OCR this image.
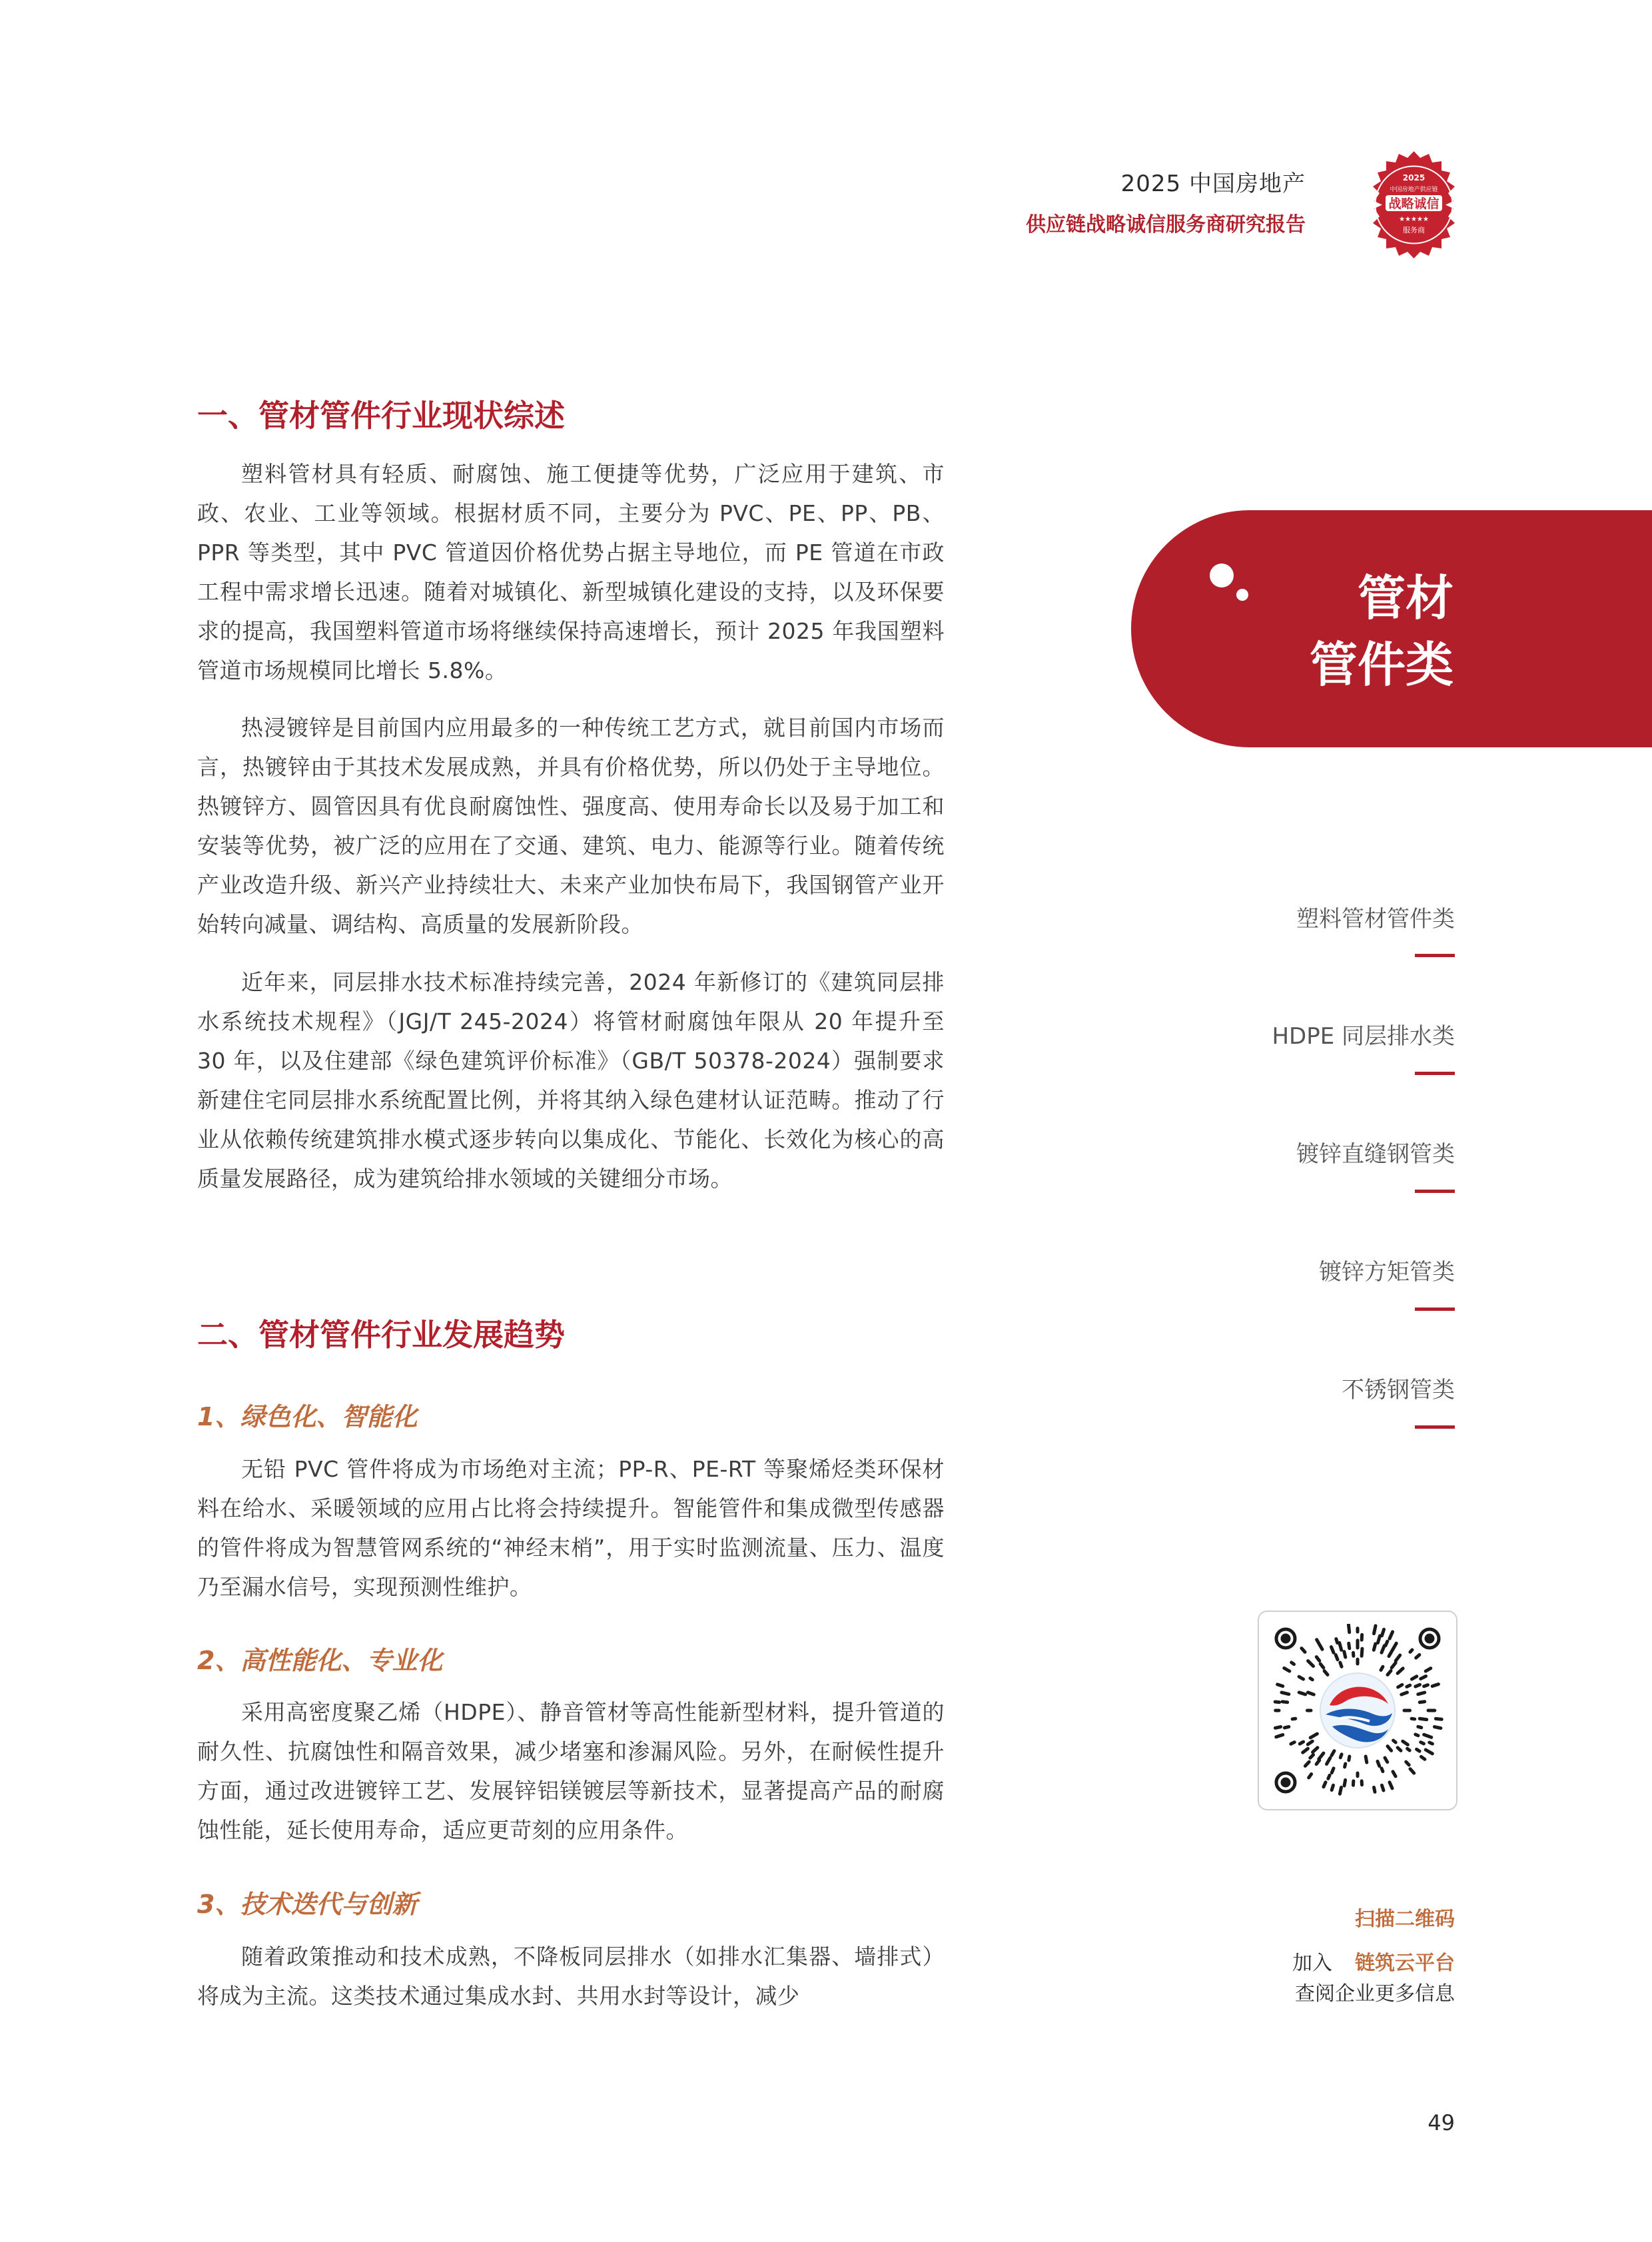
2025 中国房地产
供应链战略诚信服务商研究报告
2025
中国房地产供应链
战略诚信
★★★★★
服务商
一、管材管件行业现状综述

塑料管材具有轻质、耐腐蚀、施工便捷等优势，广泛应用于建筑、市政、农业、工业等领域。根据材质不同，主要分为 PVC、PE、PP、PB、PPR 等类型，其中 PVC 管道因价格优势占据主导地位，而 PE 管道在市政工程中需求增长迅速。随着对城镇化、新型城镇化建设的支持，以及环保要求的提高，我国塑料管道市场将继续保持高速增长，预计 2025 年我国塑料管道市场规模同比增长 5.8%。

热浸镀锌是目前国内应用最多的一种传统工艺方式，就目前国内市场而言，热镀锌由于其技术发展成熟，并具有价格优势，所以仍处于主导地位。热镀锌方、圆管因具有优良耐腐蚀性、强度高、使用寿命长以及易于加工和安装等优势，被广泛的应用在了交通、建筑、电力、能源等行业。随着传统产业改造升级、新兴产业持续壮大、未来产业加快布局下，我国钢管产业开始转向减量、调结构、高质量的发展新阶段。

近年来，同层排水技术标准持续完善，2024 年新修订的《建筑同层排水系统技术规程》（JGJ/T 245-2024）将管材耐腐蚀年限从 20 年提升至 30 年，以及住建部《绿色建筑评价标准》（GB/T 50378-2024）强制要求新建住宅同层排水系统配置比例，并将其纳入绿色建材认证范畴。推动了行业从依赖传统建筑排水模式逐步转向以集成化、节能化、长效化为核心的高质量发展路径，成为建筑给排水领域的关键细分市场。

二、管材管件行业发展趋势
1、绿色化、智能化

无铅 PVC 管件将成为市场绝对主流；PP-R、PE-RT 等聚烯烃类环保材料在给水、采暖领域的应用占比将会持续提升。智能管件和集成微型传感器的管件将成为智慧管网系统的“神经末梢”，用于实时监测流量、压力、温度乃至漏水信号，实现预测性维护。

2、高性能化、专业化

采用高密度聚乙烯（HDPE）、静音管材等高性能新型材料，提升管道的耐久性、抗腐蚀性和隔音效果，减少堵塞和渗漏风险。另外，在耐候性提升方面，通过改进镀锌工艺、发展锌铝镁镀层等新技术，显著提高产品的耐腐蚀性能，延长使用寿命，适应更苛刻的应用条件。

3、技术迭代与创新

随着政策推动和技术成熟，不降板同层排水（如排水汇集器、墙排式）将成为主流。这类技术通过集成水封、共用水封等设计，减少

管材
管件类
塑料管材管件类
HDPE 同层排水类
镀锌直缝钢管类
镀锌方矩管类
不锈钢管类
扫描二维码
加入 链筑云平台
查阅企业更多信息
49
